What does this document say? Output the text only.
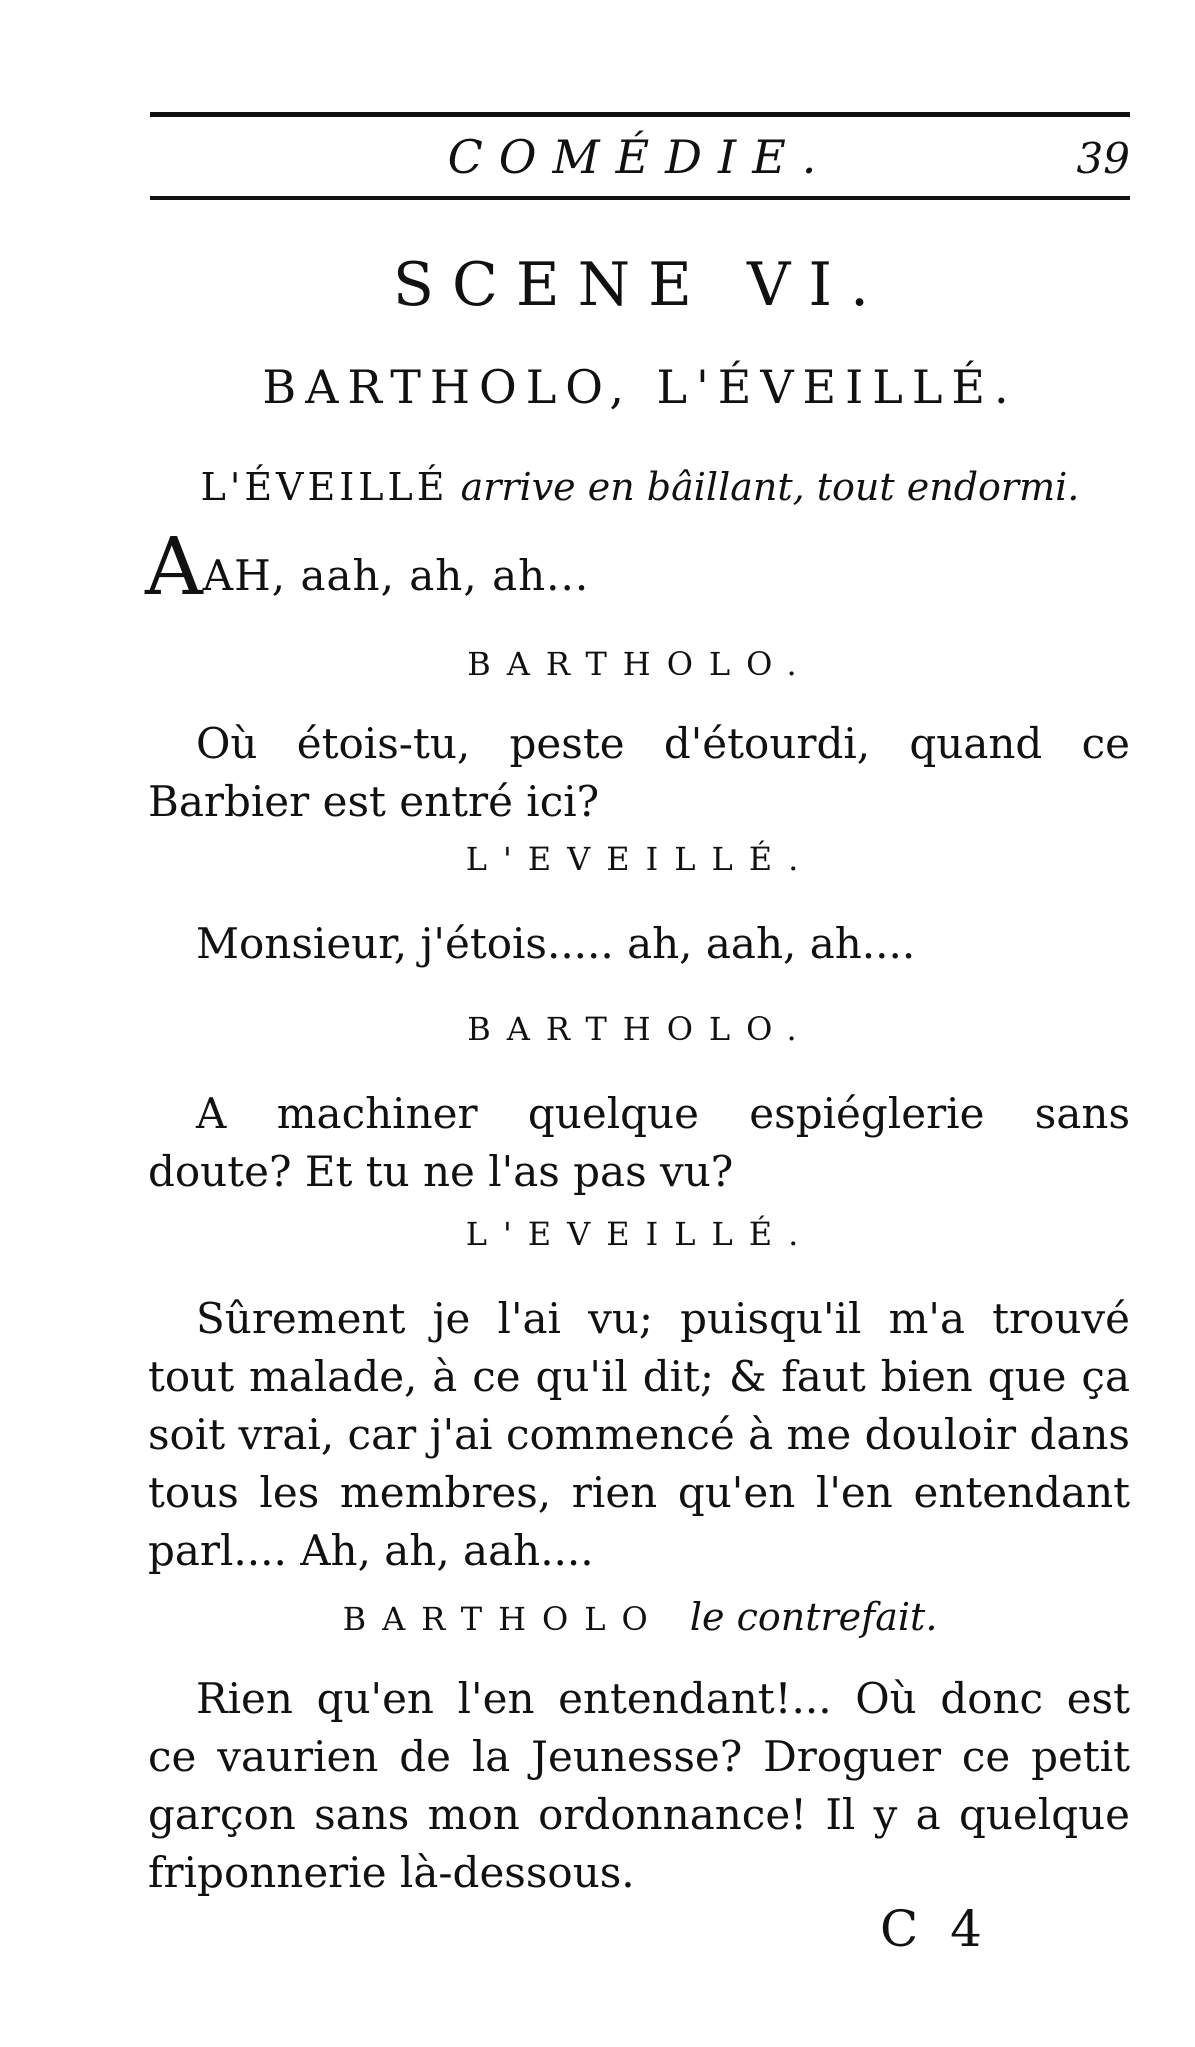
COMÉDIE.	39
SCENE VI.
BARTHOLO, L'ÉVEILLÉ.
L'ÉVEILLÉ arrive en bâillant, tout endormi.
AAH, aah, ah, ah...
BARTHOLO.
Où étois-tu, peste d'étourdi, quand ce Barbier est entré ici?
L'EVEILLÉ.
Monsieur, j'étois..... ah, aah, ah....
BARTHOLO.
A machiner quelque espiéglerie sans doute? Et tu ne l'as pas vu?
L'EVEILLÉ.
Sûrement je l'ai vu; puisqu'il m'a trouvé tout malade, à ce qu'il dit; & faut bien que ça soit vrai, car j'ai commencé à me douloir dans tous les membres, rien qu'en l'en entendant parl.... Ah, ah, aah....
BARTHOLO le contrefait.
Rien qu'en l'en entendant!... Où donc est ce vaurien de la Jeunesse? Droguer ce petit garçon sans mon ordonnance! Il y a quelque friponnerie là-dessous.
C 4
